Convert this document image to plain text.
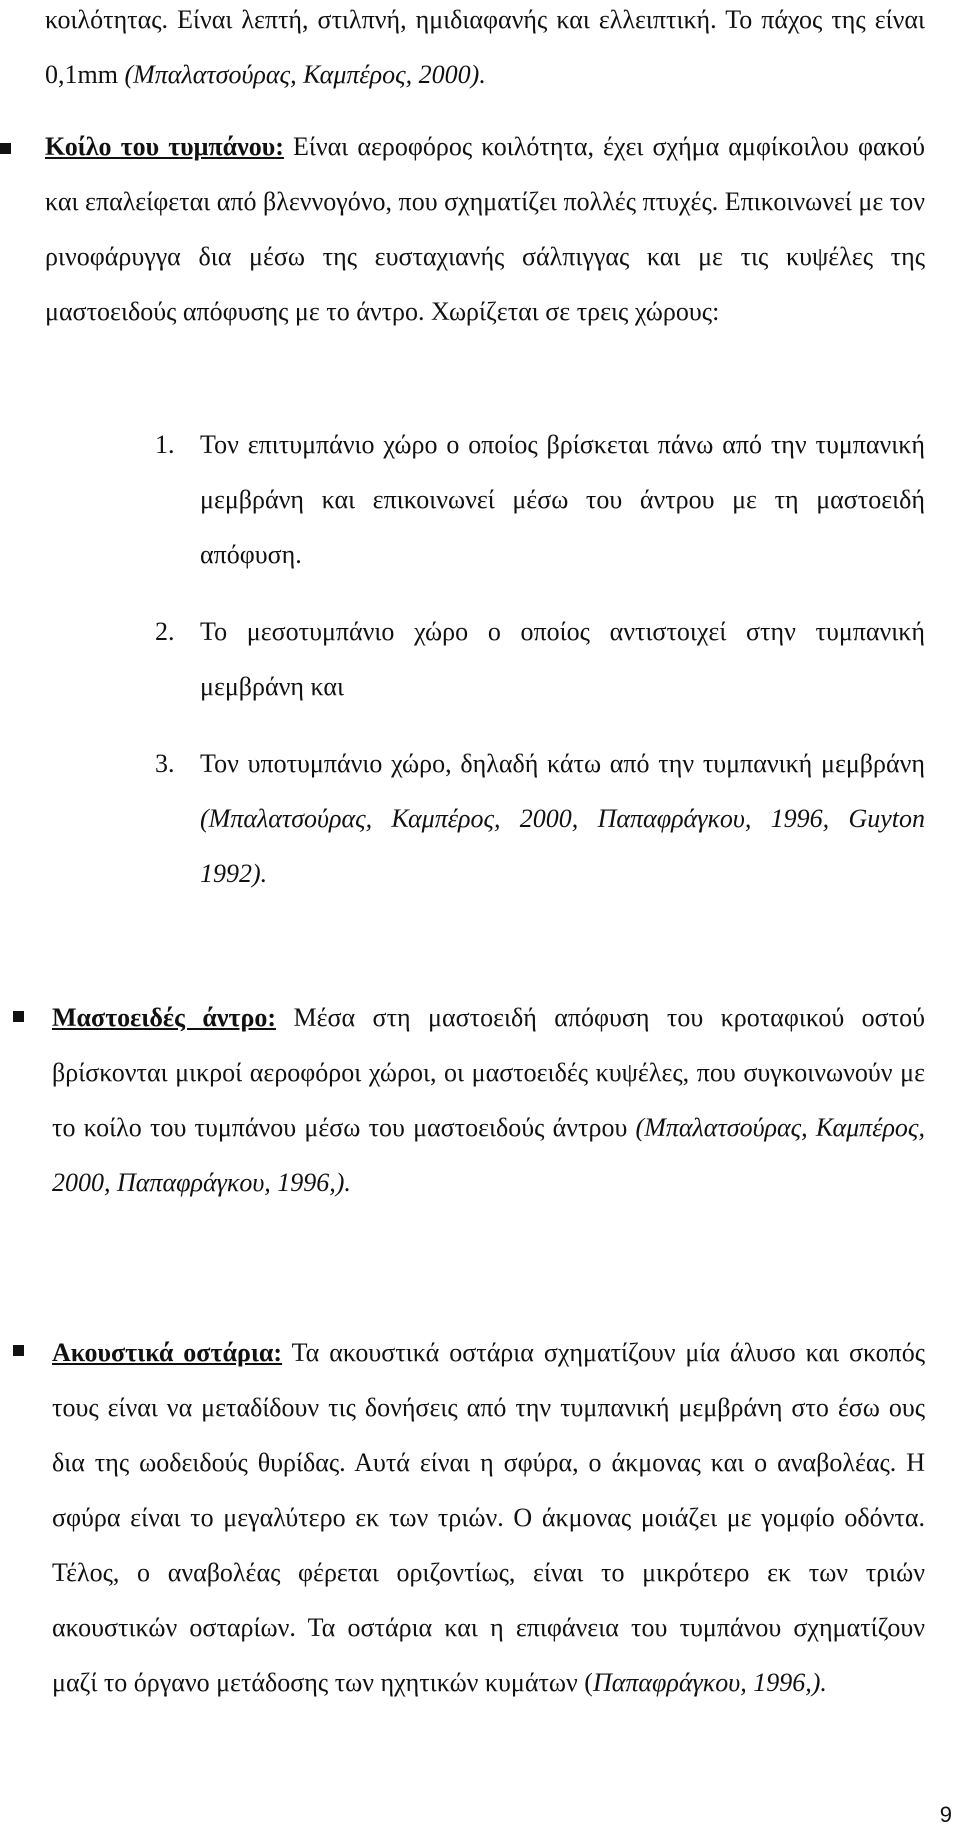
κοιλότητας. Είναι λεπτή, στιλπνή, ημιδιαφανής και ελλειπτική. Το πάχος της είναι 0,1mm (Μπαλατσούρας, Καμπέρος, 2000).

Κοίλο του τυμπάνου: Είναι αεροφόρος κοιλότητα, έχει σχήμα αμφίκοιλου φακού και επαλείφεται από βλεννογόνο, που σχηματίζει πολλές πτυχές. Επικοινωνεί με τον ρινοφάρυγγα δια μέσω της ευσταχιανής σάλπιγγας και με τις κυψέλες της μαστοειδούς απόφυσης με το άντρο. Χωρίζεται σε τρεις χώρους:

1. Τον επιτυμπάνιο χώρο ο οποίος βρίσκεται πάνω από την τυμπανική μεμβράνη και επικοινωνεί μέσω του άντρου με τη μαστοειδή απόφυση.
2. Το μεσοτυμπάνιο χώρο ο οποίος αντιστοιχεί στην τυμπανική μεμβράνη και
3. Τον υποτυμπάνιο χώρο, δηλαδή κάτω από την τυμπανική μεμβράνη (Μπαλατσούρας, Καμπέρος, 2000, Παπαφράγκου, 1996, Guyton 1992).

Μαστοειδές άντρο: Μέσα στη μαστοειδή απόφυση του κροταφικού οστού βρίσκονται μικροί αεροφόροι χώροι, οι μαστοειδές κυψέλες, που συγκοινωνούν με το κοίλο του τυμπάνου μέσω του μαστοειδούς άντρου (Μπαλατσούρας, Καμπέρος, 2000, Παπαφράγκου, 1996,).

Ακουστικά οστάρια: Τα ακουστικά οστάρια σχηματίζουν μία άλυσο και σκοπός τους είναι να μεταδίδουν τις δονήσεις από την τυμπανική μεμβράνη στο έσω ους δια της ωοδειδούς θυρίδας. Αυτά είναι η σφύρα, ο άκμονας και ο αναβολέας. Η σφύρα είναι το μεγαλύτερο εκ των τριών. Ο άκμονας μοιάζει με γομφίο οδόντα. Τέλος, ο αναβολέας φέρεται οριζοντίως, είναι το μικρότερο εκ των τριών ακουστικών οσταρίων. Τα οστάρια και η επιφάνεια του τυμπάνου σχηματίζουν μαζί το όργανο μετάδοσης των ηχητικών κυμάτων (Παπαφράγκου, 1996,).

9
